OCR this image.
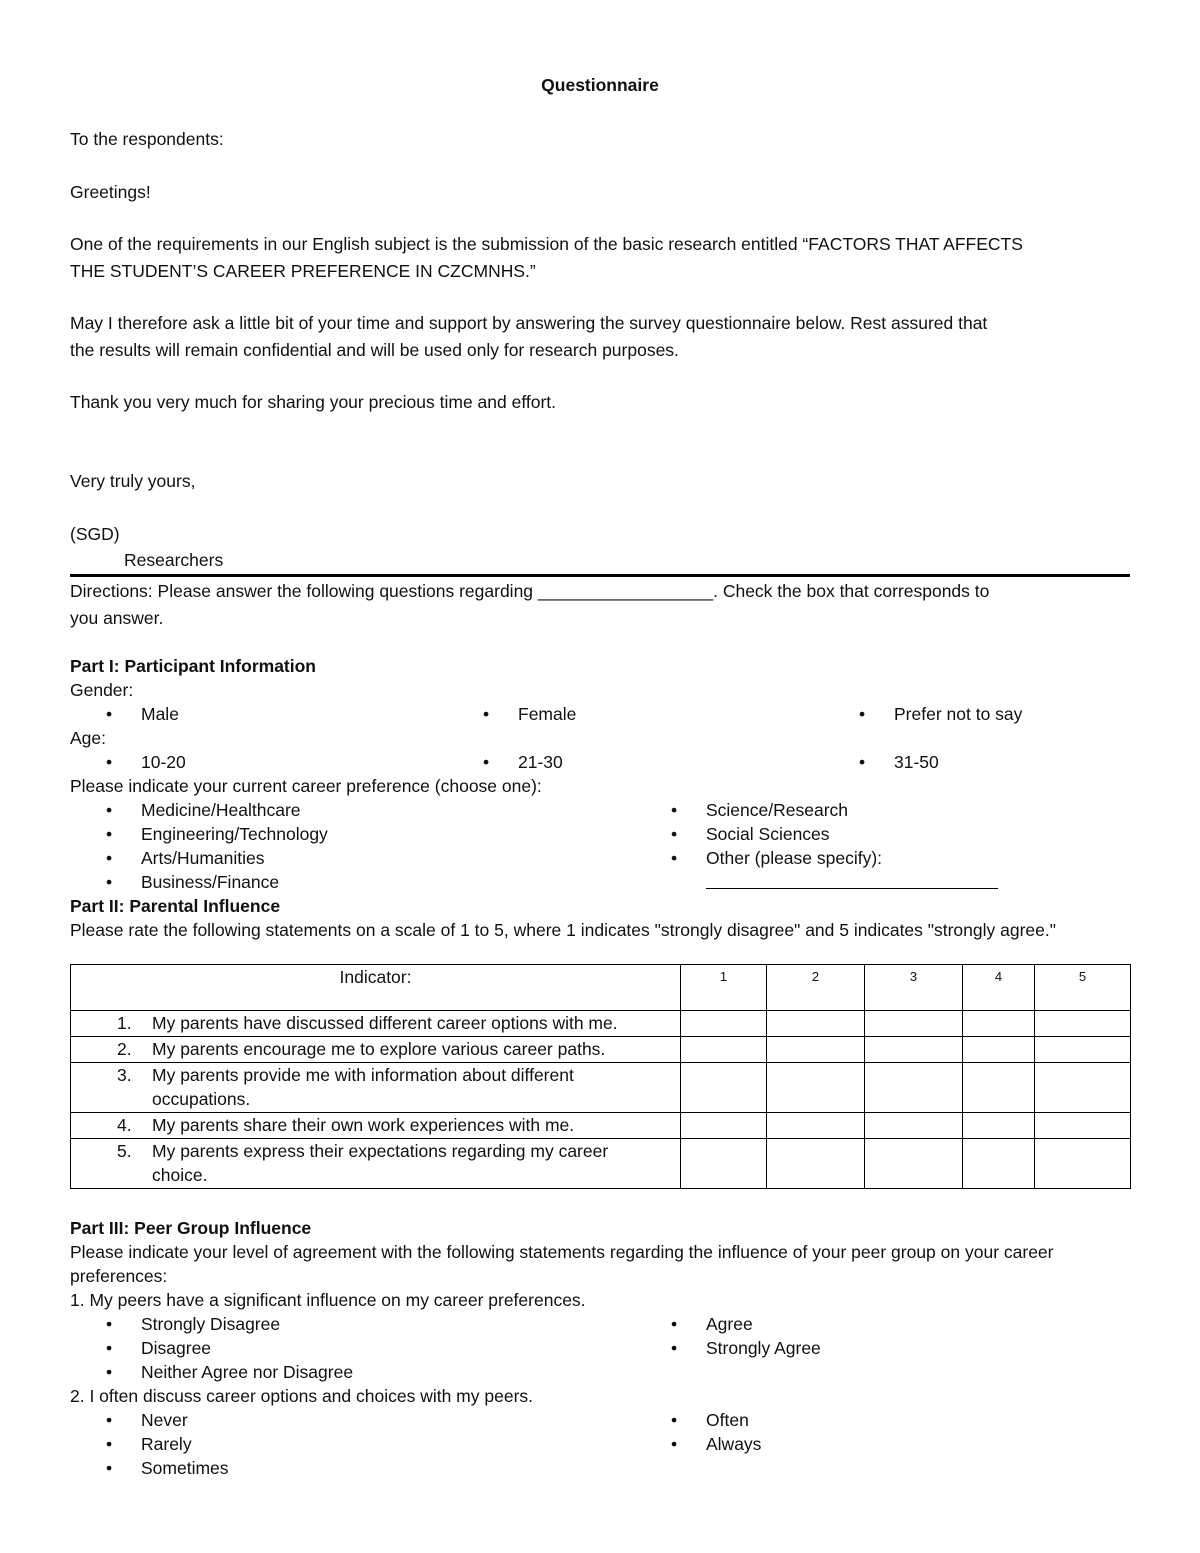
Questionnaire
To the respondents:
Greetings!
One of the requirements in our English subject is the submission of the basic research entitled “FACTORS THAT AFFECTS
THE STUDENT’S CAREER PREFERENCE IN CZCMNHS.”
May I therefore ask a little bit of your time and support by answering the survey questionnaire below. Rest assured that
the results will remain confidential and will be used only for research purposes.
Thank you very much for sharing your precious time and effort.
Very truly yours,
(SGD)
Researchers
Directions: Please answer the following questions regarding __________________. Check the box that corresponds to
you answer.
Part I: Participant Information
Gender:
• Male	• Female	• Prefer not to say
Age:
• 10-20	• 21-30	• 31-50
Please indicate your current career preference (choose one):
• Medicine/Healthcare
• Engineering/Technology
• Arts/Humanities
• Business/Finance
• Science/Research
• Social Sciences
• Other (please specify):
Part II: Parental Influence
Please rate the following statements on a scale of 1 to 5, where 1 indicates "strongly disagree" and 5 indicates "strongly agree."
Indicator:	1	2	3	4	5

1. My parents have discussed different career options with me.					

2. My parents encourage me to explore various career paths.					

3. My parents provide me with information about different occupations.					

4. My parents share their own work experiences with me.					

5. My parents express their expectations regarding my career choice.					
Part III: Peer Group Influence
Please indicate your level of agreement with the following statements regarding the influence of your peer group on your career
preferences:
1. My peers have a significant influence on my career preferences.
• Strongly Disagree
• Disagree
• Neither Agree nor Disagree
• Agree
• Strongly Agree
2. I often discuss career options and choices with my peers.
• Never
• Rarely
• Sometimes
• Often
• Always
